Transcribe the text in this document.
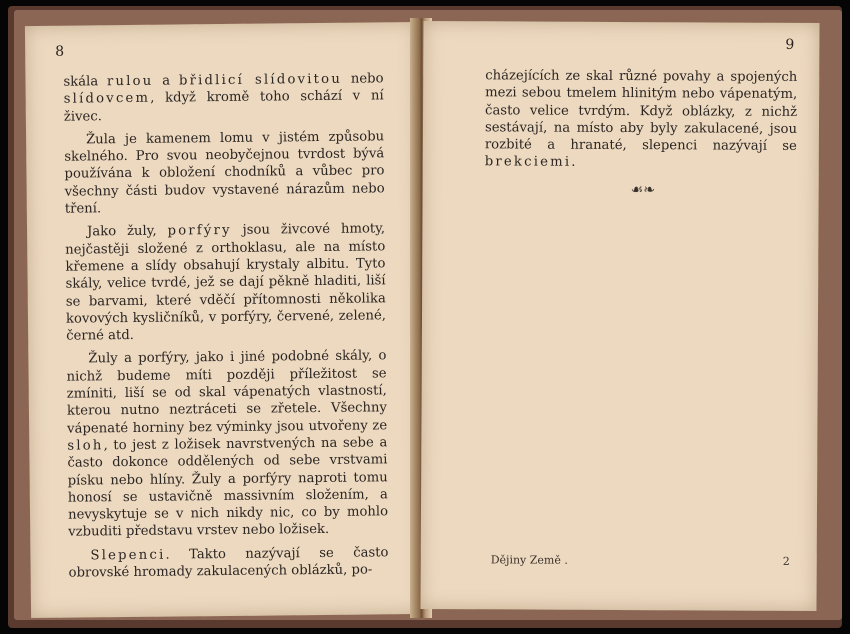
8

skála rulou a břidlicí slídovitou nebo slídovcem, když kromě toho schází v ní živec.

Žula je kamenem lomu v jistém způsobu skelného. Pro svou neobyčejnou tvrdost bývá používána k obložení chodníků a vůbec pro všechny části budov vystavené nárazům nebo tření.

Jako žuly, porfýry jsou živcové hmoty, nejčastěji složené z orthoklasu, ale na místo křemene a slídy obsahují krystaly albitu. Tyto skály, velice tvrdé, jež se dají pěkně hladiti, liší se barvami, které vděčí přítomnosti několika kovových kysličníků, v porfýry, červené, zelené, černé atd.

Žuly a porfýry, jako i jiné podobné skály, o nichž budeme míti později příležitost se zmíniti, liší se od skal vápenatých vlastností, kterou nutno neztráceti se zřetele. Všechny vápenaté horniny bez výminky jsou utvořeny ze sloh, to jest z ložisek navrstvených na sebe a často dokonce oddělených od sebe vrstvami písku nebo hlíny. Žuly a porfýry naproti tomu honosí se ustavičně massivním složením, a nevyskytuje se v nich nikdy nic, co by mohlo vzbuditi představu vrstev nebo ložisek.

Slepenci. Takto nazývají se často obrovské hromady zakulacených oblázků, po-

9

cházejících ze skal různé povahy a spojených mezi sebou tmelem hlinitým nebo vápenatým, často velice tvrdým. Když oblázky, z nichž sestávají, na místo aby byly zakulacené, jsou rozbité a hranaté, slepenci nazývají se brekciemi.

☙❧
Dějiny Země .	2
